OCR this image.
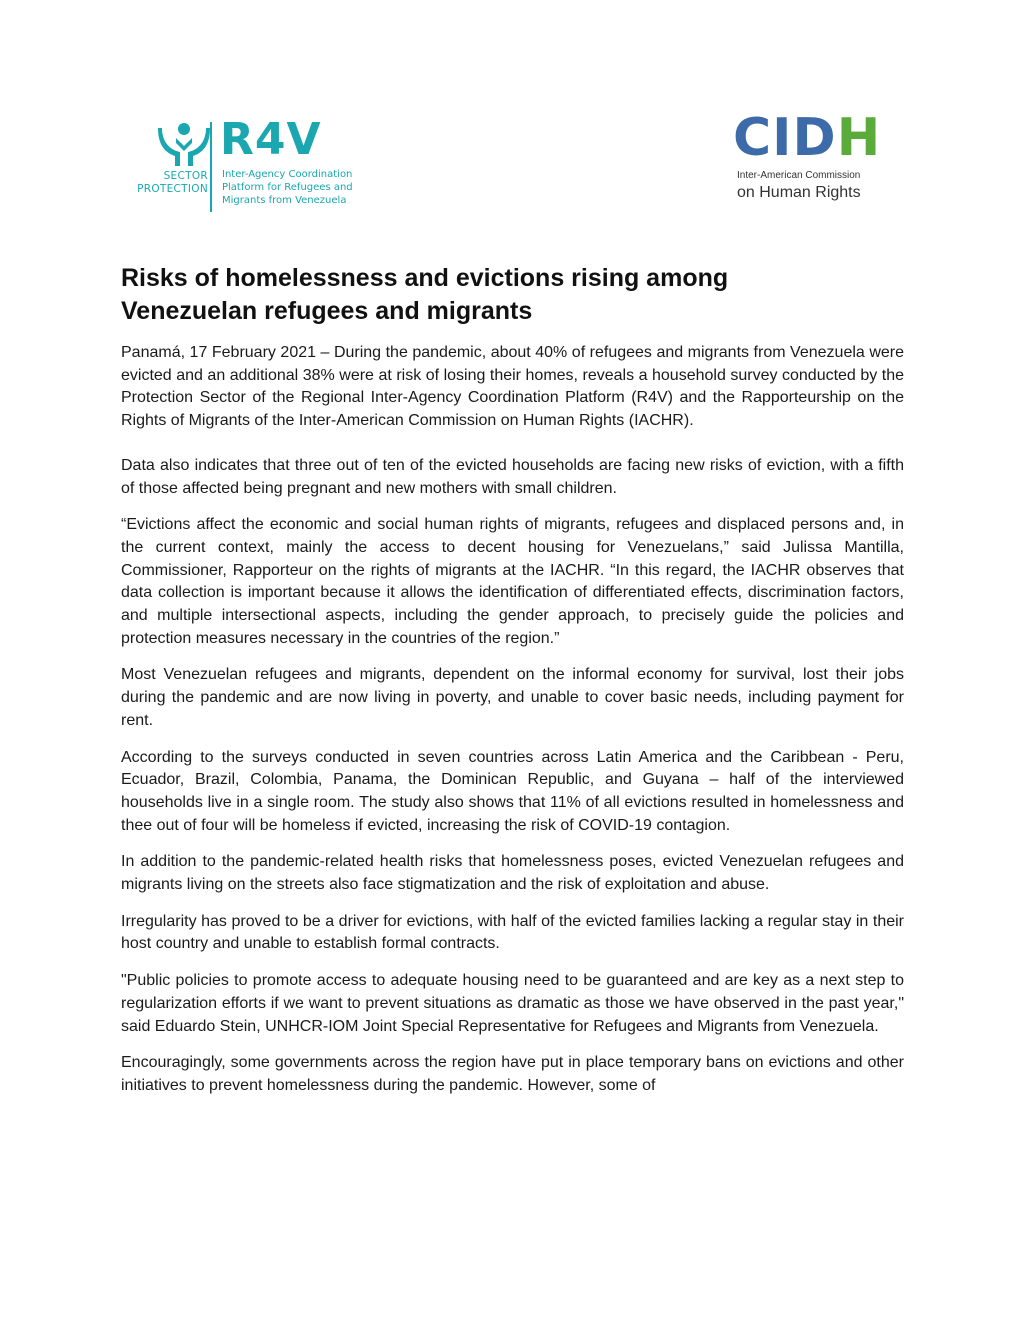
SECTOR
PROTECTION
R4V
Inter-Agency Coordination
Platform for Refugees and
Migrants from Venezuela
CIDH
Inter-American Commission
on Human Rights
Risks of homelessness and evictions rising among
Venezuelan refugees and migrants

Panamá, 17 February 2021 – During the pandemic, about 40% of refugees and migrants from Venezuela were evicted and an additional 38% were at risk of losing their homes, reveals a household survey conducted by the Protection Sector of the Regional Inter-Agency Coordination Platform (R4V) and the Rapporteurship on the Rights of Migrants of the Inter-American Commission on Human Rights (IACHR).

Data also indicates that three out of ten of the evicted households are facing new risks of eviction, with a fifth of those affected being pregnant and new mothers with small children.

“Evictions affect the economic and social human rights of migrants, refugees and displaced persons and, in the current context, mainly the access to decent housing for Venezuelans,” said Julissa Mantilla, Commissioner, Rapporteur on the rights of migrants at the IACHR. “In this regard, the IACHR observes that data collection is important because it allows the identification of differentiated effects, discrimination factors, and multiple intersectional aspects, including the gender approach, to precisely guide the policies and protection measures necessary in the countries of the region.”

Most Venezuelan refugees and migrants, dependent on the informal economy for survival, lost their jobs during the pandemic and are now living in poverty, and unable to cover basic needs, including payment for rent.

According to the surveys conducted in seven countries across Latin America and the Caribbean - Peru, Ecuador, Brazil, Colombia, Panama, the Dominican Republic, and Guyana – half of the interviewed households live in a single room. The study also shows that 11% of all evictions resulted in homelessness and thee out of four will be homeless if evicted, increasing the risk of COVID-19 contagion.

In addition to the pandemic-related health risks that homelessness poses, evicted Venezuelan refugees and migrants living on the streets also face stigmatization and the risk of exploitation and abuse.

Irregularity has proved to be a driver for evictions, with half of the evicted families lacking a regular stay in their host country and unable to establish formal contracts.

"Public policies to promote access to adequate housing need to be guaranteed and are key as a next step to regularization efforts if we want to prevent situations as dramatic as those we have observed in the past year," said Eduardo Stein, UNHCR-IOM Joint Special Representative for Refugees and Migrants from Venezuela.

Encouragingly, some governments across the region have put in place temporary bans on evictions and other initiatives to prevent homelessness during the pandemic. However, some of
